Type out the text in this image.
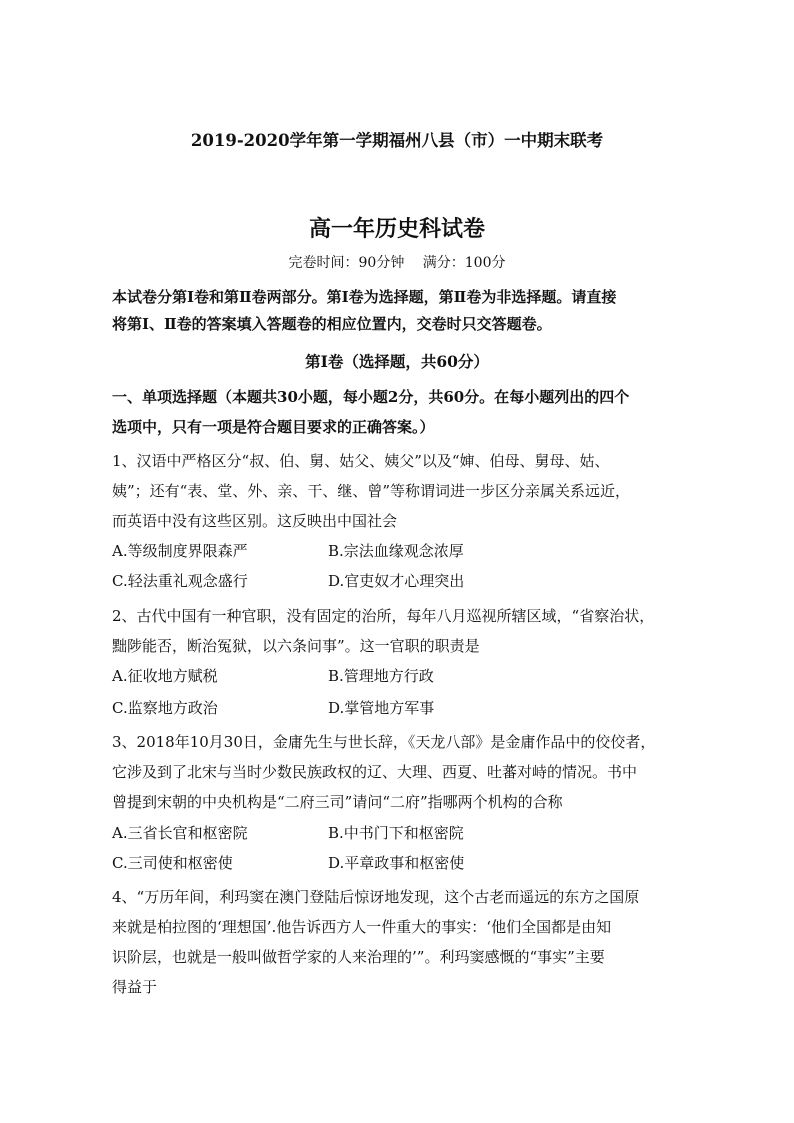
2019-2020学年第一学期福州八县（市）一中期末联考
高一年历史科试卷
完卷时间：90分钟　 满分：100分
本试卷分第Ⅰ卷和第Ⅱ卷两部分。第Ⅰ卷为选择题，第Ⅱ卷为非选择题。请直接
将第Ⅰ、Ⅱ卷的答案填入答题卷的相应位置内，交卷时只交答题卷。
第Ⅰ卷（选择题，共60分）
一、单项选择题（本题共30小题，每小题2分，共60分。在每小题列出的四个
选项中，只有一项是符合题目要求的正确答案。）
1、汉语中严格区分“叔、伯、舅、姑父、姨父”以及“婶、伯母、舅母、姑、
姨”；还有“表、堂、外、亲、干、继、曾”等称谓词进一步区分亲属关系远近，
而英语中没有这些区别。这反映出中国社会
A.等级制度界限森严	B.宗法血缘观念浓厚
C.轻法重礼观念盛行	D.官吏奴才心理突出
2、古代中国有一种官职，没有固定的治所，每年八月巡视所辖区域，“省察治状，
黜陟能否，断治冤狱，以六条问事”。这一官职的职责是
A.征收地方赋税	B.管理地方行政
C.监察地方政治	D.掌管地方军事
3、2018年10月30日，金庸先生与世长辞，《天龙八部》是金庸作品中的佼佼者，
它涉及到了北宋与当时少数民族政权的辽、大理、西夏、吐蕃对峙的情况。书中
曾提到宋朝的中央机构是“二府三司”请问“二府”指哪两个机构的合称
A.三省长官和枢密院	B.中书门下和枢密院
C.三司使和枢密使	D.平章政事和枢密使
4、“万历年间，利玛窦在澳门登陆后惊讶地发现，这个古老而遥远的东方之国原
来就是柏拉图的‘理想国’.他告诉西方人一件重大的事实：‘他们全国都是由知
识阶层，也就是一般叫做哲学家的人来治理的’”。利玛窦感慨的“事实”主要
得益于
